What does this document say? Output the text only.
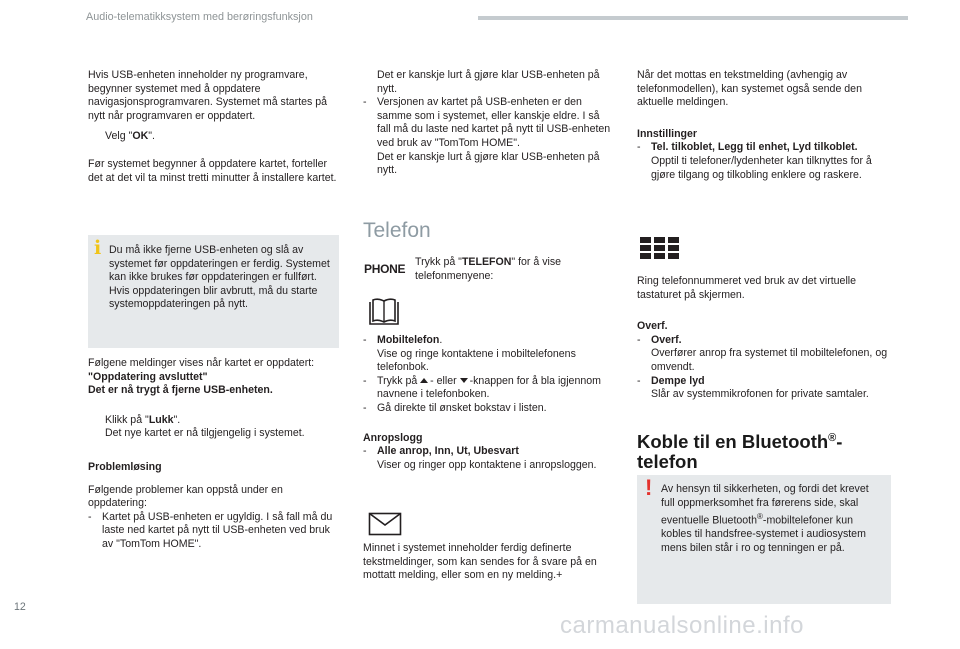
Audio-telematikksystem med berøringsfunksjon

Hvis USB-enheten inneholder ny programvare, begynner systemet med å oppdatere navigasjonsprogramvaren. Systemet må startes på nytt når programvaren er oppdatert.

Velg "OK".

Før systemet begynner å oppdatere kartet, forteller det at det vil ta minst tretti minutter å installere kartet.

i Du må ikke fjerne USB-enheten og slå av systemet før oppdateringen er ferdig. Systemet kan ikke brukes før oppdateringen er fullført. Hvis oppdateringen blir avbrutt, må du starte systemoppdateringen på nytt.

Følgene meldinger vises når kartet er oppdatert:

"Oppdatering avsluttet"

Det er nå trygt å fjerne USB-enheten.

Klikk på "Lukk".
Det nye kartet er nå tilgjengelig i systemet.

Problemløsing

Følgende problemer kan oppstå under en oppdatering:

- Kartet på USB-enheten er ugyldig. I så fall må du laste ned kartet på nytt til USB-enheten ved bruk av "TomTom HOME".

Det er kanskje lurt å gjøre klar USB-enheten på nytt.

- Versjonen av kartet på USB-enheten er den samme som i systemet, eller kanskje eldre. I så fall må du laste ned kartet på nytt til USB-enheten ved bruk av "TomTom HOME".
Det er kanskje lurt å gjøre klar USB-enheten på nytt.
Telefon
PHONE Trykk på "TELEFON" for å vise telefonmenyene:

- Mobiltelefon.
Vise og ringe kontaktene i mobiltelefonens telefonbok.
- Trykk på - eller -knappen for å bla igjennom navnene i telefonboken.
- Gå direkte til ønsket bokstav i listen.

Anropslogg

- Alle anrop, Inn, Ut, Ubesvart
Viser og ringer opp kontaktene i anropsloggen.

Minnet i systemet inneholder ferdig definerte tekstmeldinger, som kan sendes for å svare på en mottatt melding, eller som en ny melding.+

Når det mottas en tekstmelding (avhengig av telefonmodellen), kan systemet også sende den aktuelle meldingen.

Innstillinger

- Tel. tilkoblet, Legg til enhet, Lyd tilkoblet.
Opptil ti telefoner/lydenheter kan tilknyttes for å gjøre tilgang og tilkobling enklere og raskere.

Ring telefonnummeret ved bruk av det virtuelle tastaturet på skjermen.

Overf.

- Overf.
Overfører anrop fra systemet til mobiltelefonen, og omvendt.
- Dempe lyd
Slår av systemmikrofonen for private samtaler.
Koble til en Bluetooth®-
telefon
! Av hensyn til sikkerheten, og fordi det krevet full oppmerksomhet fra førerens side, skal eventuelle Bluetooth®-mobiltelefoner kun kobles til handsfree-systemet i audiosystem mens bilen står i ro og tenningen er på.

12
carmanualsonline.info
